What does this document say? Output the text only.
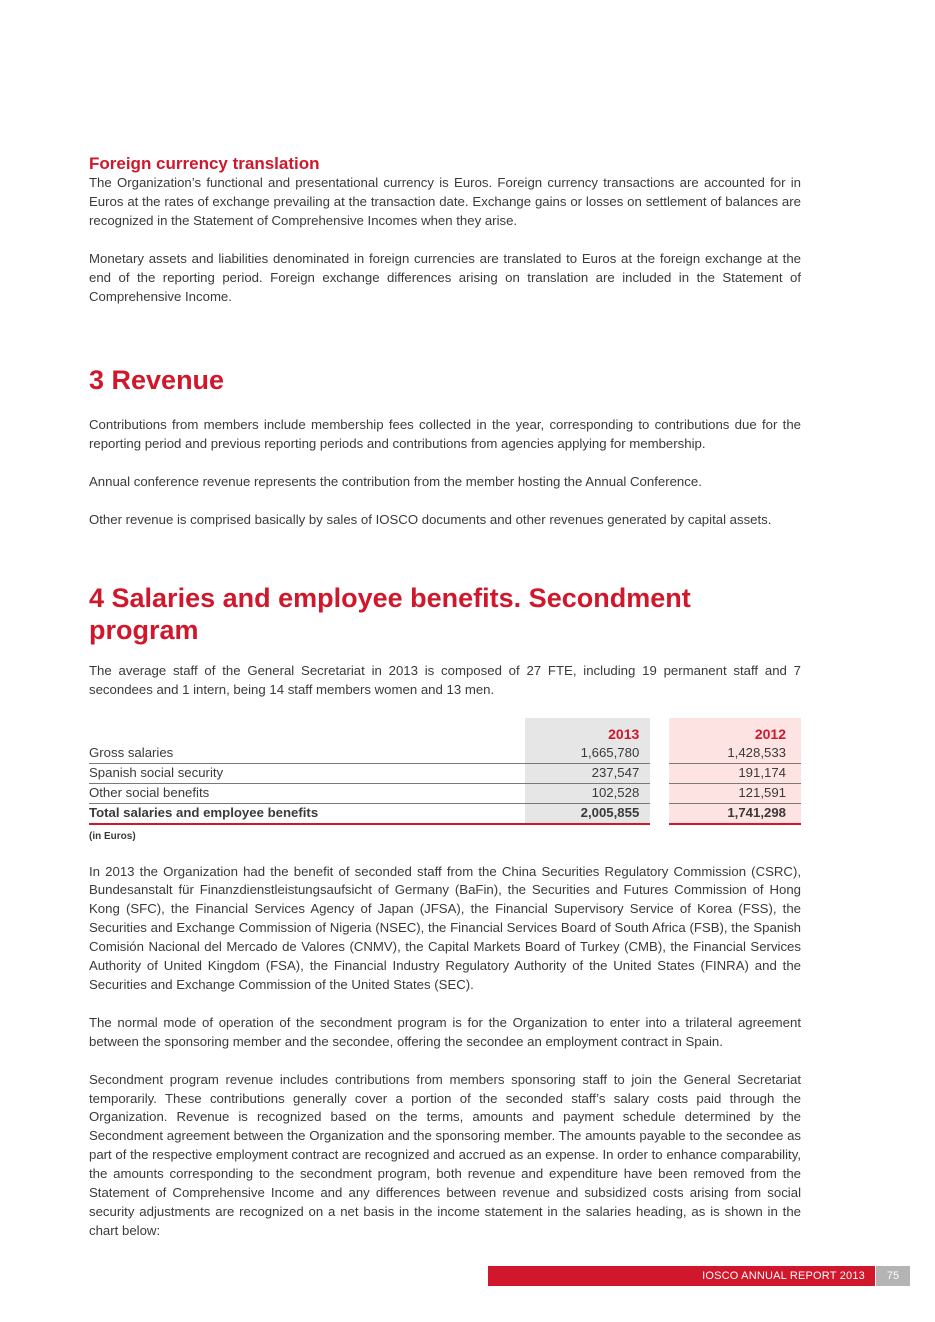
Foreign currency translation

The Organization’s functional and presentational currency is Euros. Foreign currency transactions are accounted for in Euros at the rates of exchange prevailing at the transaction date. Exchange gains or losses on settlement of balances are recognized in the Statement of Comprehensive Incomes when they arise.

Monetary assets and liabilities denominated in foreign currencies are translated to Euros at the foreign exchange at the end of the reporting period. Foreign exchange differences arising on translation are included in the Statement of Comprehensive Income.

3 Revenue

Contributions from members include membership fees collected in the year, corresponding to contributions due for the reporting period and previous reporting periods and contributions from agencies applying for membership.

Annual conference revenue represents the contribution from the member hosting the Annual Conference.

Other revenue is comprised basically by sales of IOSCO documents and other revenues generated by capital assets.

4 Salaries and employee benefits. Secondment program

The average staff of the General Secretariat in 2013 is composed of 27 FTE, including 19 permanent staff and 7 secondees and 1 intern, being 14 staff members women and 13 men.

	2013		2012
Gross salaries	1,665,780		1,428,533
Spanish social security	237,547		191,174
Other social benefits	102,528		121,591
Total salaries and employee benefits	2,005,855		1,741,298
(in Euros)

In 2013 the Organization had the benefit of seconded staff from the China Securities Regulatory Commission (CSRC), Bundesanstalt für Finanzdienstleistungsaufsicht of Germany (BaFin), the Securities and Futures Commission of Hong Kong (SFC), the Financial Services Agency of Japan (JFSA), the Financial Supervisory Service of Korea (FSS), the Securities and Exchange Commission of Nigeria (NSEC), the Financial Services Board of South Africa (FSB), the Spanish Comisión Nacional del Mercado de Valores (CNMV), the Capital Markets Board of Turkey (CMB), the Financial Services Authority of United Kingdom (FSA), the Financial Industry Regulatory Authority of the United States (FINRA) and the Securities and Exchange Commission of the United States (SEC).

The normal mode of operation of the secondment program is for the Organization to enter into a trilateral agreement between the sponsoring member and the secondee, offering the secondee an employment contract in Spain.

Secondment program revenue includes contributions from members sponsoring staff to join the General Secretariat temporarily. These contributions generally cover a portion of the seconded staff’s salary costs paid through the Organization. Revenue is recognized based on the terms, amounts and payment schedule determined by the Secondment agreement between the Organization and the sponsoring member. The amounts payable to the secondee as part of the respective employment contract are recognized and accrued as an expense. In order to enhance comparability, the amounts corresponding to the secondment program, both revenue and expenditure have been removed from the Statement of Comprehensive Income and any differences between revenue and subsidized costs arising from social security adjustments are recognized on a net basis in the income statement in the salaries heading, as is shown in the chart below:

IOSCO ANNUAL REPORT 2013	75
